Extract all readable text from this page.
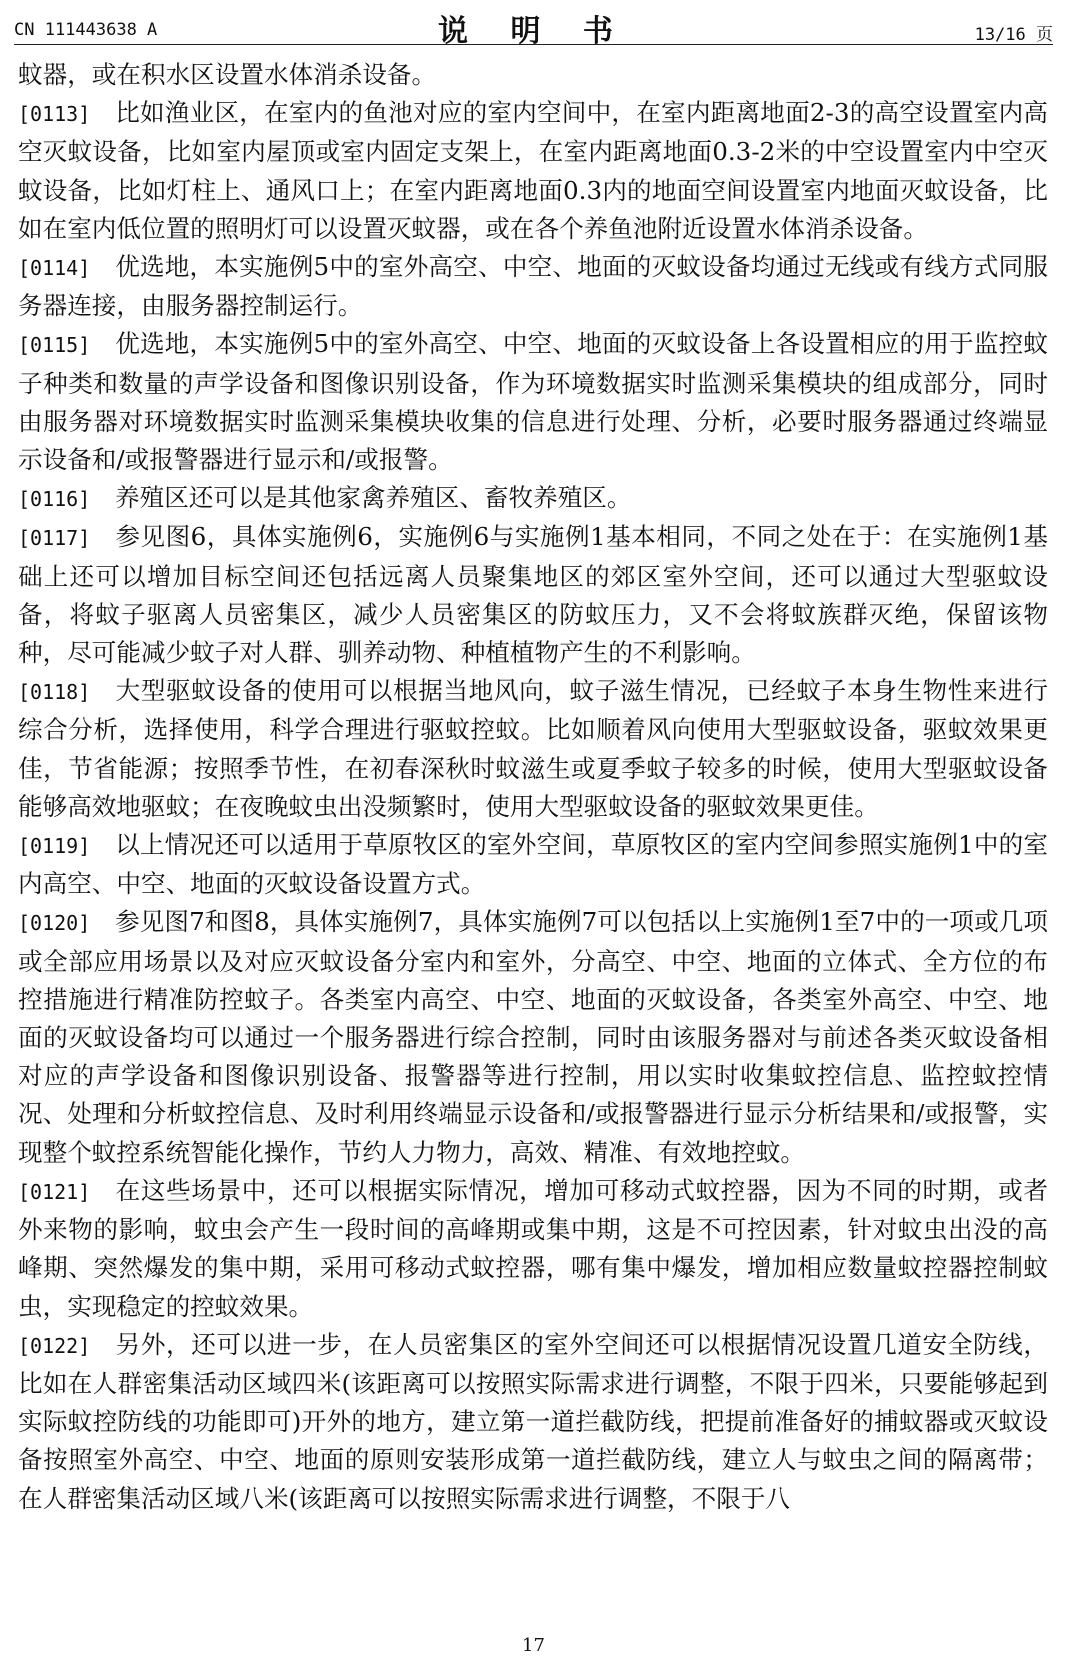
CN 111443638 A	说 明 书	13/16 页

蚊器，或在积水区设置水体消杀设备。

[0113] 比如渔业区，在室内的鱼池对应的室内空间中，在室内距离地面2-3的高空设置室内高空灭蚊设备，比如室内屋顶或室内固定支架上，在室内距离地面0.3-2米的中空设置室内中空灭蚊设备，比如灯柱上、通风口上；在室内距离地面0.3内的地面空间设置室内地面灭蚊设备，比如在室内低位置的照明灯可以设置灭蚊器，或在各个养鱼池附近设置水体消杀设备。

[0114] 优选地，本实施例5中的室外高空、中空、地面的灭蚊设备均通过无线或有线方式同服务器连接，由服务器控制运行。

[0115] 优选地，本实施例5中的室外高空、中空、地面的灭蚊设备上各设置相应的用于监控蚊子种类和数量的声学设备和图像识别设备，作为环境数据实时监测采集模块的组成部分，同时由服务器对环境数据实时监测采集模块收集的信息进行处理、分析，必要时服务器通过终端显示设备和/或报警器进行显示和/或报警。

[0116] 养殖区还可以是其他家禽养殖区、畜牧养殖区。

[0117] 参见图6，具体实施例6，实施例6与实施例1基本相同，不同之处在于：在实施例1基础上还可以增加目标空间还包括远离人员聚集地区的郊区室外空间，还可以通过大型驱蚊设备，将蚊子驱离人员密集区，减少人员密集区的防蚊压力，又不会将蚊族群灭绝，保留该物种，尽可能减少蚊子对人群、驯养动物、种植植物产生的不利影响。

[0118] 大型驱蚊设备的使用可以根据当地风向，蚊子滋生情况，已经蚊子本身生物性来进行综合分析，选择使用，科学合理进行驱蚊控蚊。比如顺着风向使用大型驱蚊设备，驱蚊效果更佳，节省能源；按照季节性，在初春深秋时蚊滋生或夏季蚊子较多的时候，使用大型驱蚊设备能够高效地驱蚊；在夜晚蚊虫出没频繁时，使用大型驱蚊设备的驱蚊效果更佳。

[0119] 以上情况还可以适用于草原牧区的室外空间，草原牧区的室内空间参照实施例1中的室内高空、中空、地面的灭蚊设备设置方式。

[0120] 参见图7和图8，具体实施例7，具体实施例7可以包括以上实施例1至7中的一项或几项或全部应用场景以及对应灭蚊设备分室内和室外，分高空、中空、地面的立体式、全方位的布控措施进行精准防控蚊子。各类室内高空、中空、地面的灭蚊设备，各类室外高空、中空、地面的灭蚊设备均可以通过一个服务器进行综合控制，同时由该服务器对与前述各类灭蚊设备相对应的声学设备和图像识别设备、报警器等进行控制，用以实时收集蚊控信息、监控蚊控情况、处理和分析蚊控信息、及时利用终端显示设备和/或报警器进行显示分析结果和/或报警，实现整个蚊控系统智能化操作，节约人力物力，高效、精准、有效地控蚊。

[0121] 在这些场景中，还可以根据实际情况，增加可移动式蚊控器，因为不同的时期，或者外来物的影响，蚊虫会产生一段时间的高峰期或集中期，这是不可控因素，针对蚊虫出没的高峰期、突然爆发的集中期，采用可移动式蚊控器，哪有集中爆发，增加相应数量蚊控器控制蚊虫，实现稳定的控蚊效果。

[0122] 另外，还可以进一步，在人员密集区的室外空间还可以根据情况设置几道安全防线，比如在人群密集活动区域四米(该距离可以按照实际需求进行调整，不限于四米，只要能够起到实际蚊控防线的功能即可)开外的地方，建立第一道拦截防线，把提前准备好的捕蚊器或灭蚊设备按照室外高空、中空、地面的原则安装形成第一道拦截防线，建立人与蚊虫之间的隔离带；在人群密集活动区域八米(该距离可以按照实际需求进行调整，不限于八

17
